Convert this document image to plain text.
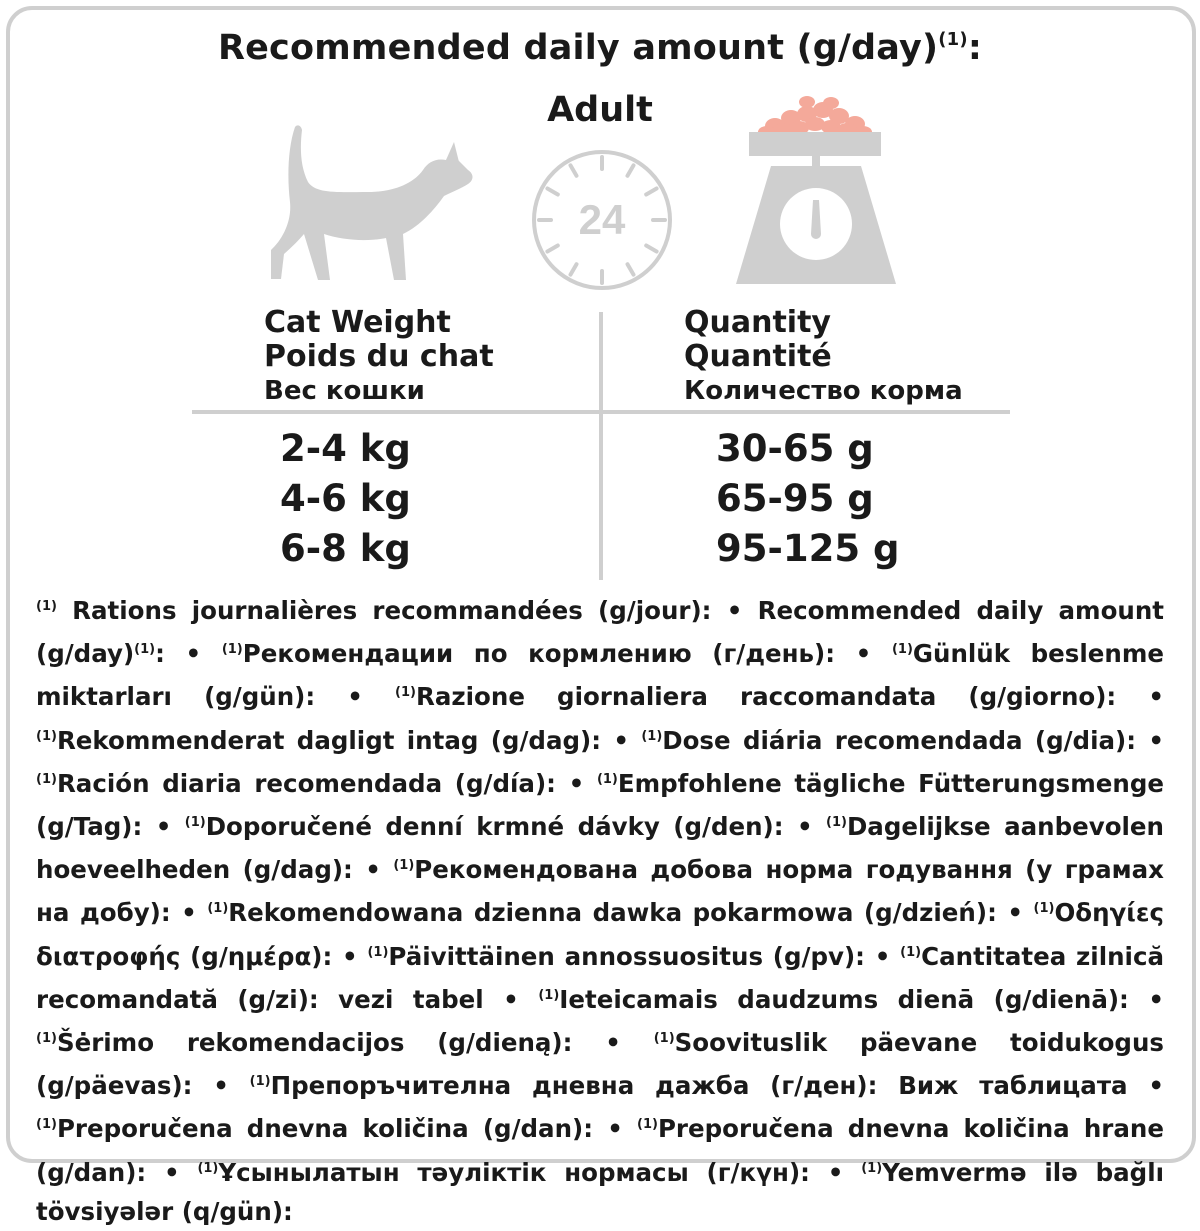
Recommended daily amount $(g/day)^{(1)}$:
Adult
24
Cat Weight
Poids du chat
Вес кошки
Quantity
Quantité
Количество корма
2-4 kg
4-6 kg
6-8 kg
30-65 g
65-95 g
95-125 g
$^{(1)}$ Rations journalières recommandées (g/jour): • Recommended daily amount $(g/day)^{(1)}$: • $^{(1)}$Рекомендации по кормлению (г/день): • $^{(1)}$Günlük beslenme miktarları (g/gün): • $^{(1)}$Razione giornaliera raccomandata (g/giorno): • $^{(1)}$Rekommenderat dagligt intag (g/dag): • $^{(1)}$Dose diária recomendada (g/dia): • $^{(1)}$Ración diaria recomendada (g/día): • $^{(1)}$Empfohlene tägliche Fütterungsmenge (g/Tag): • $^{(1)}$Doporučené denní krmné dávky (g/den): • $^{(1)}$Dagelijkse aanbevolen hoeveelheden (g/dag): • $^{(1)}$Рекомендована добова норма годування (у грамах на добу): • $^{(1)}$Rekomendowana dzienna dawka pokarmowa (g/dzień): • $^{(1)}$Οδηγίες διατροφής (g/ημέρα): • $^{(1)}$Päivittäinen annossuositus (g/pv): • $^{(1)}$Cantitatea zilnică recomandată (g/zi): vezi tabel • $^{(1)}$Ieteicamais daudzums dienā (g/dienā): • $^{(1)}$Šėrimo rekomendacijos (g/dieną): • $^{(1)}$Soovituslik päevane toidukogus (g/päevas): • $^{(1)}$Препоръчителна дневна дажба (г/ден): Виж таблицата • $^{(1)}$Preporučena dnevna količina (g/dan): • $^{(1)}$Preporučena dnevna količina hrane (g/dan): • $^{(1)}$Ұсынылатын тәуліктік нормасы (г/күн): • $^{(1)}$Yemvermə ilə bağlı tövsiyələr (q/gün):
